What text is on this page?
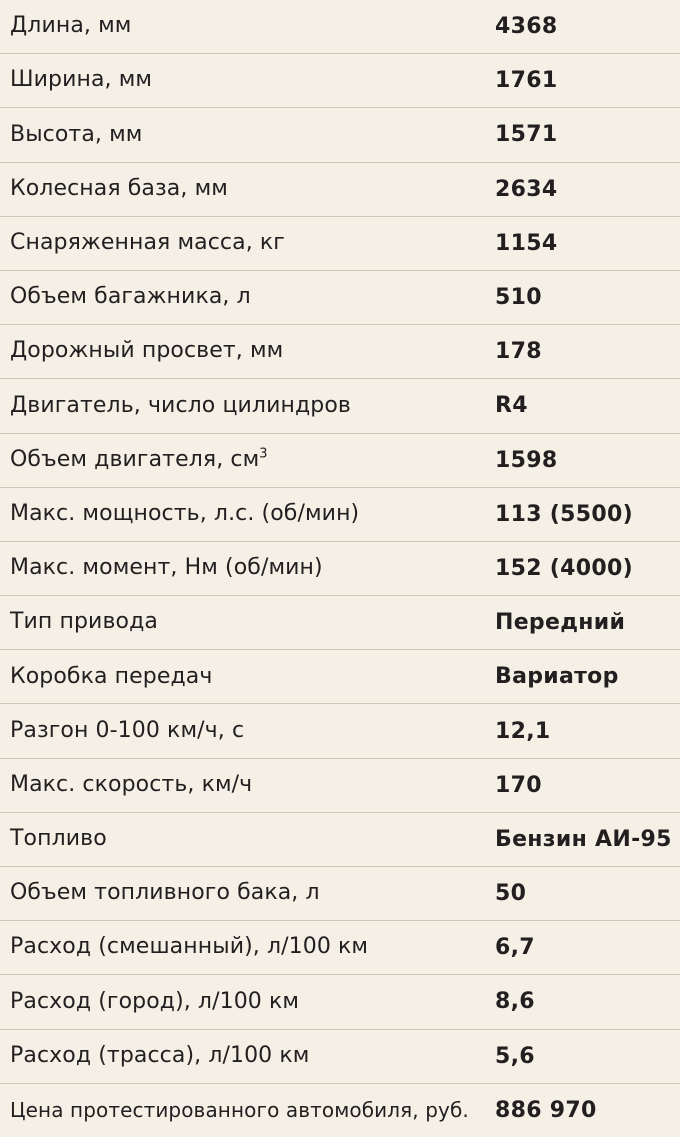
Длина, мм	4368
Ширина, мм	1761
Высота, мм	1571
Колесная база, мм	2634
Снаряженная масса, кг	1154
Объем багажника, л	510
Дорожный просвет, мм	178
Двигатель, число цилиндров	R4
Объем двигателя, $см^3$	1598
Макс. мощность, л.с. (об/мин)	113 (5500)
Макс. момент, Нм (об/мин)	152 (4000)
Тип привода	Передний
Коробка передач	Вариатор
Разгон 0-100 км/ч, с	12,1
Макс. скорость, км/ч	170
Топливо	Бензин АИ-95
Объем топливного бака, л	50
Расход (смешанный), л/100 км	6,7
Расход (город), л/100 км	8,6
Расход (трасса), л/100 км	5,6
Цена протестированного автомобиля, руб.	886 970
